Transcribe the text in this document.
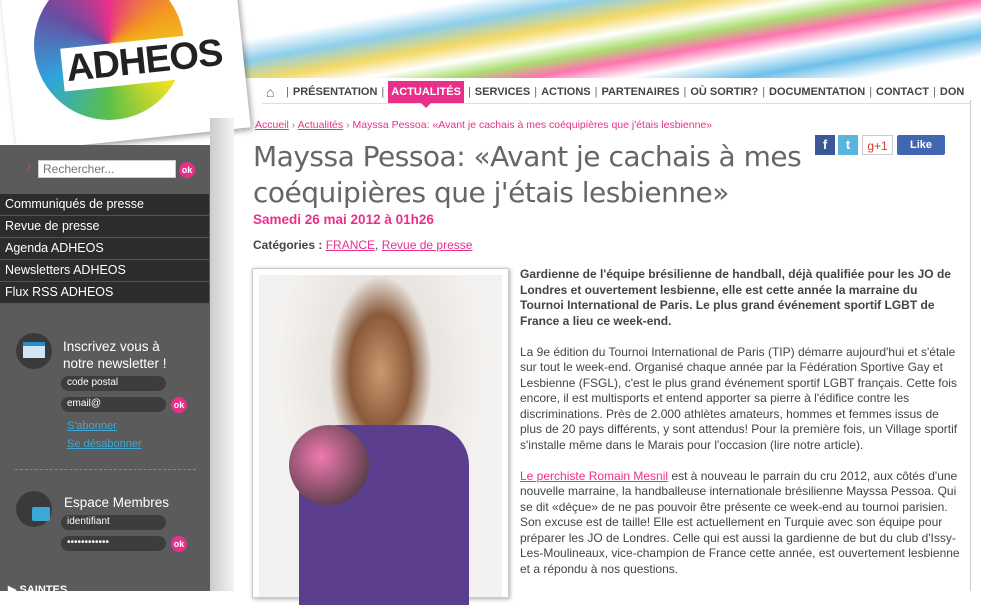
ADHEOS
›
Rechercher...	ok
Communiqués de presse
Revue de presse
Agenda ADHEOS
Newsletters ADHEOS
Flux RSS ADHEOS
Inscrivez vous à notre newsletter !
code postal
email@	ok
S'abonner
Se désabonner
Espace Membres
identifiant
••••••••••••	ok
▶ SAINTES
⌂	| PRÉSENTATION | ACTUALITÉS | SERVICES | ACTIONS | PARTENAIRES | OÙ SORTIR? | DOCUMENTATION | CONTACT | DON
Accueil › Actualités › Mayssa Pessoa: «Avant je cachais à mes coéquipières que j'étais lesbienne»
f	t	g+1	Like
Mayssa Pessoa: «Avant je cachais à mes coéquipières que j'étais lesbienne»
Samedi 26 mai 2012 à 01h26
Catégories : FRANCE, Revue de presse

Gardienne de l'équipe brésilienne de handball, déjà qualifiée pour les JO de Londres et ouvertement lesbienne, elle est cette année la marraine du Tournoi International de Paris. Le plus grand événement sportif LGBT de France a lieu ce week-end.

La 9e édition du Tournoi International de Paris (TIP) démarre aujourd'hui et s'étale sur tout le week-end. Organisé chaque année par la Fédération Sportive Gay et Lesbienne (FSGL), c'est le plus grand événement sportif LGBT français. Cette fois encore, il est multisports et entend apporter sa pierre à l'édifice contre les discriminations. Près de 2.000 athlètes amateurs, hommes et femmes issus de plus de 20 pays différents, y sont attendus! Pour la première fois, un Village sportif s'installe même dans le Marais pour l'occasion (lire notre article).

Le perchiste Romain Mesnil est à nouveau le parrain du cru 2012, aux côtés d'une nouvelle marraine, la handballeuse internationale brésilienne Mayssa Pessoa. Qui se dit «déçue» de ne pas pouvoir être présente ce week-end au tournoi parisien. Son excuse est de taille! Elle est actuellement en Turquie avec son équipe pour préparer les JO de Londres. Celle qui est aussi la gardienne de but du club d'Issy-Les-Moulineaux, vice-champion de France cette année, est ouvertement lesbienne et a répondu à nos questions.
